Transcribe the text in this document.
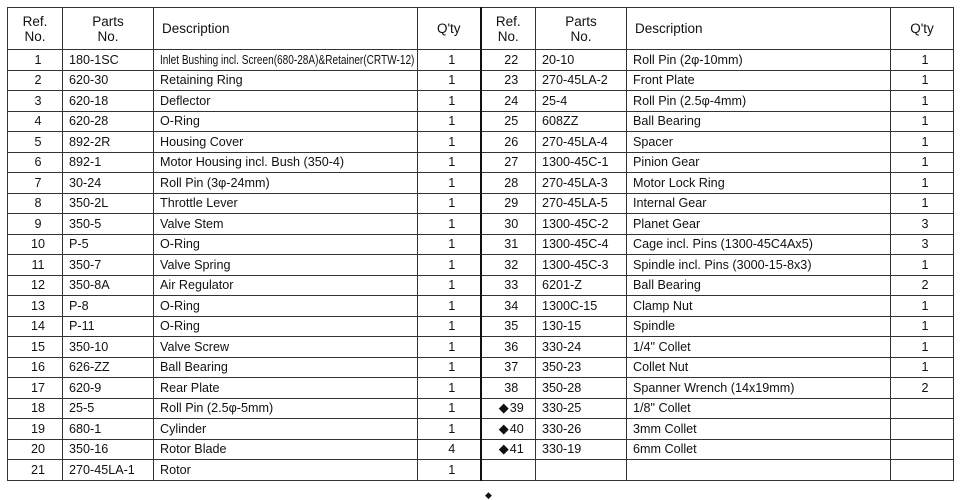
Ref.
No.	Parts
No.	Description	Q'ty	Ref.
No.	Parts
No.	Description	Q'ty
1	180-1SC	Inlet Bushing incl. Screen(680-28A)&Retainer(CRTW-12)	1	22	20-10	Roll Pin (2φ-10mm)	1
2	620-30	Retaining Ring	1	23	270-45LA-2	Front Plate	1
3	620-18	Deflector	1	24	25-4	Roll Pin (2.5φ-4mm)	1
4	620-28	O-Ring	1	25	608ZZ	Ball Bearing	1
5	892-2R	Housing Cover	1	26	270-45LA-4	Spacer	1
6	892-1	Motor Housing incl. Bush (350-4)	1	27	1300-45C-1	Pinion Gear	1
7	30-24	Roll Pin (3φ-24mm)	1	28	270-45LA-3	Motor Lock Ring	1
8	350-2L	Throttle Lever	1	29	270-45LA-5	Internal Gear	1
9	350-5	Valve Stem	1	30	1300-45C-2	Planet Gear	3
10	P-5	O-Ring	1	31	1300-45C-4	Cage incl. Pins (1300-45C4Ax5)	3
11	350-7	Valve Spring	1	32	1300-45C-3	Spindle incl. Pins (3000-15-8x3)	1
12	350-8A	Air Regulator	1	33	6201-Z	Ball Bearing	2
13	P-8	O-Ring	1	34	1300C-15	Clamp Nut	1
14	P-11	O-Ring	1	35	130-15	Spindle	1
15	350-10	Valve Screw	1	36	330-24	1/4" Collet	1
16	626-ZZ	Ball Bearing	1	37	350-23	Collet Nut	1
17	620-9	Rear Plate	1	38	350-28	Spanner Wrench (14x19mm)	2
18	25-5	Roll Pin (2.5φ-5mm)	1	◆39	330-25	1/8" Collet	
19	680-1	Cylinder	1	◆40	330-26	3mm Collet	
20	350-16	Rotor Blade	4	◆41	330-19	6mm Collet	
21	270-45LA-1	Rotor	1				
◆
